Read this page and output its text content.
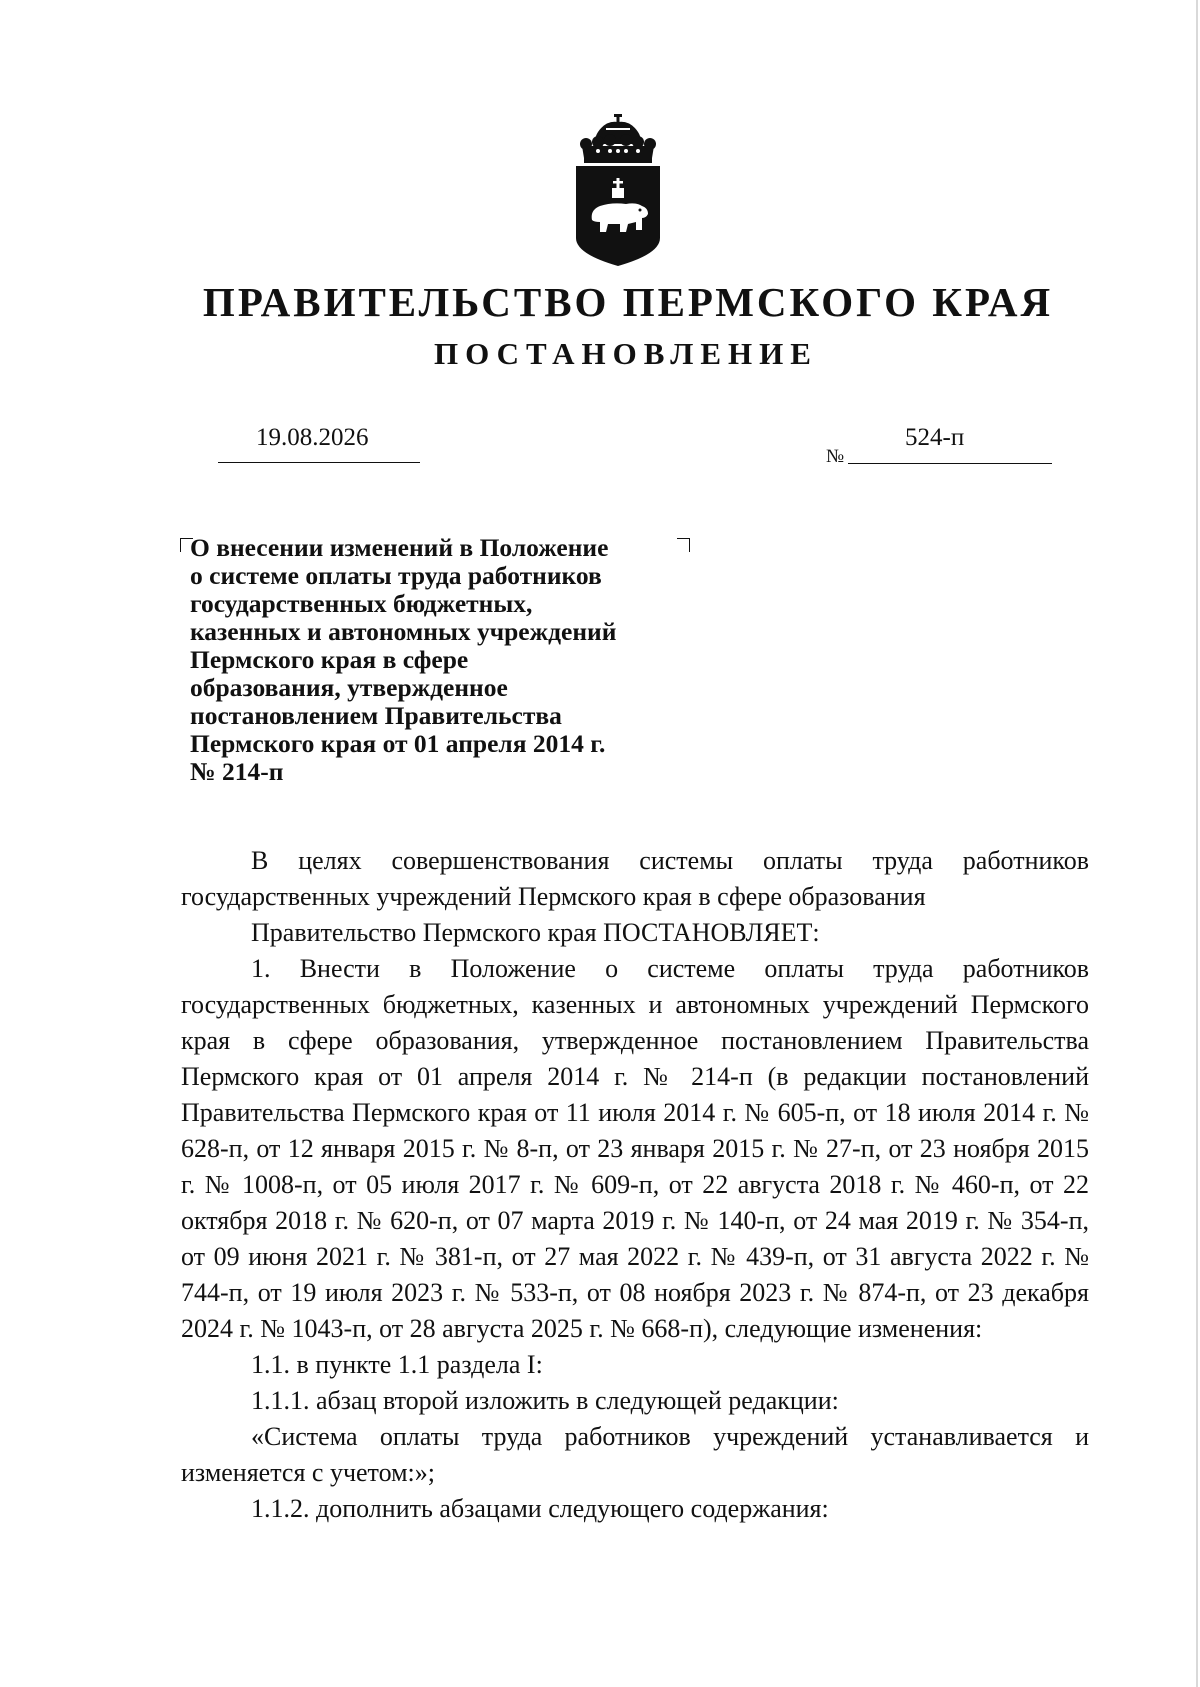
ПРАВИТЕЛЬСТВО ПЕРМСКОГО КРАЯ
ПОСТАНОВЛЕНИЕ
19.08.2026
№
524-п
О внесении изменений в Положение
о системе оплаты труда работников
государственных бюджетных,
казенных и автономных учреждений
Пермского края в сфере
образования, утвержденное
постановлением Правительства
Пермского края от 01 апреля 2014 г.
№ 214-п

В целях совершенствования системы оплаты труда работников государственных учреждений Пермского края в сфере образования

Правительство Пермского края ПОСТАНОВЛЯЕТ:

1. Внести в Положение о системе оплаты труда работников государственных бюджетных, казенных и автономных учреждений Пермского края в сфере образования, утвержденное постановлением Правительства Пермского края от 01 апреля 2014 г. № 214-п (в редакции постановлений Правительства Пермского края от 11 июля 2014 г. № 605-п, от 18 июля 2014 г. № 628-п, от 12 января 2015 г. № 8-п, от 23 января 2015 г. № 27-п, от 23 ноября 2015 г. № 1008-п, от 05 июля 2017 г. № 609-п, от 22 августа 2018 г. № 460-п, от 22 октября 2018 г. № 620-п, от 07 марта 2019 г. № 140-п, от 24 мая 2019 г. № 354-п, от 09 июня 2021 г. № 381-п, от 27 мая 2022 г. № 439-п, от 31 августа 2022 г. № 744-п, от 19 июля 2023 г. № 533-п, от 08 ноября 2023 г. № 874-п, от 23 декабря 2024 г. № 1043-п, от 28 августа 2025 г. № 668-п), следующие изменения:

1.1. в пункте 1.1 раздела I:

1.1.1. абзац второй изложить в следующей редакции:

«Система оплаты труда работников учреждений устанавливается и изменяется с учетом:»;

1.1.2. дополнить абзацами следующего содержания:
